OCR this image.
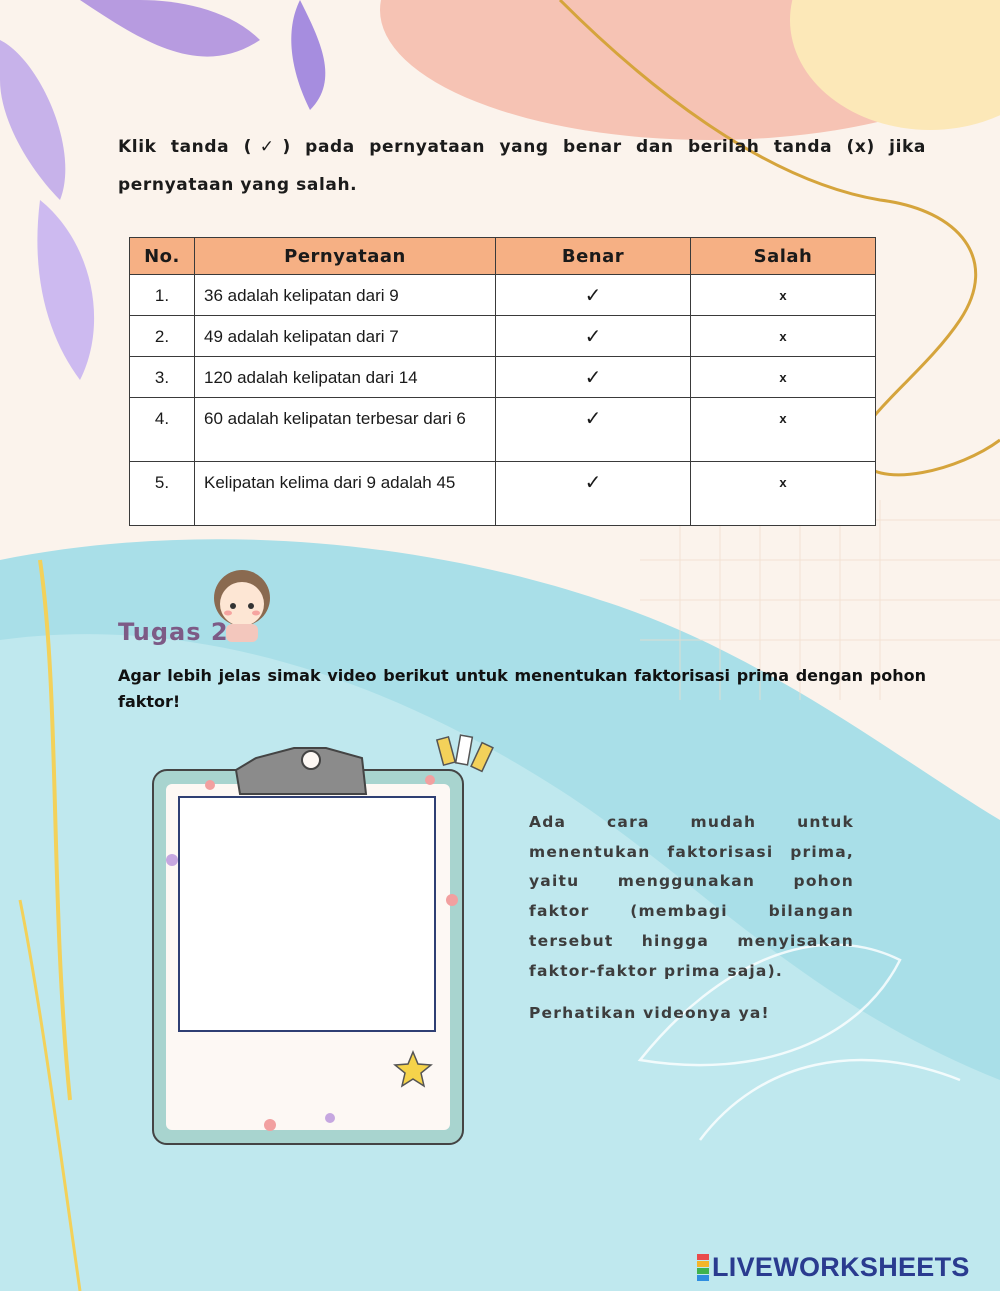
Klik tanda (✓) pada pernyataan yang benar dan berilah tanda (x) jika pernyataan yang salah.
No.	Pernyataan	Benar	Salah
1.	36 adalah kelipatan dari 9	✓	x
2.	49 adalah kelipatan dari 7	✓	x
3.	120 adalah kelipatan dari 14	✓	x
4.	60 adalah kelipatan terbesar dari 6	✓	x
5.	Kelipatan kelima dari 9 adalah 45	✓	x
Tugas 2
Agar lebih jelas simak video berikut untuk menentukan faktorisasi prima dengan pohon faktor!
Ada cara mudah untuk menentukan faktorisasi prima, yaitu menggunakan pohon faktor (membagi bilangan tersebut hingga menyisakan faktor-faktor prima saja).
Perhatikan videonya ya!
LIVEWORKSHEETS
